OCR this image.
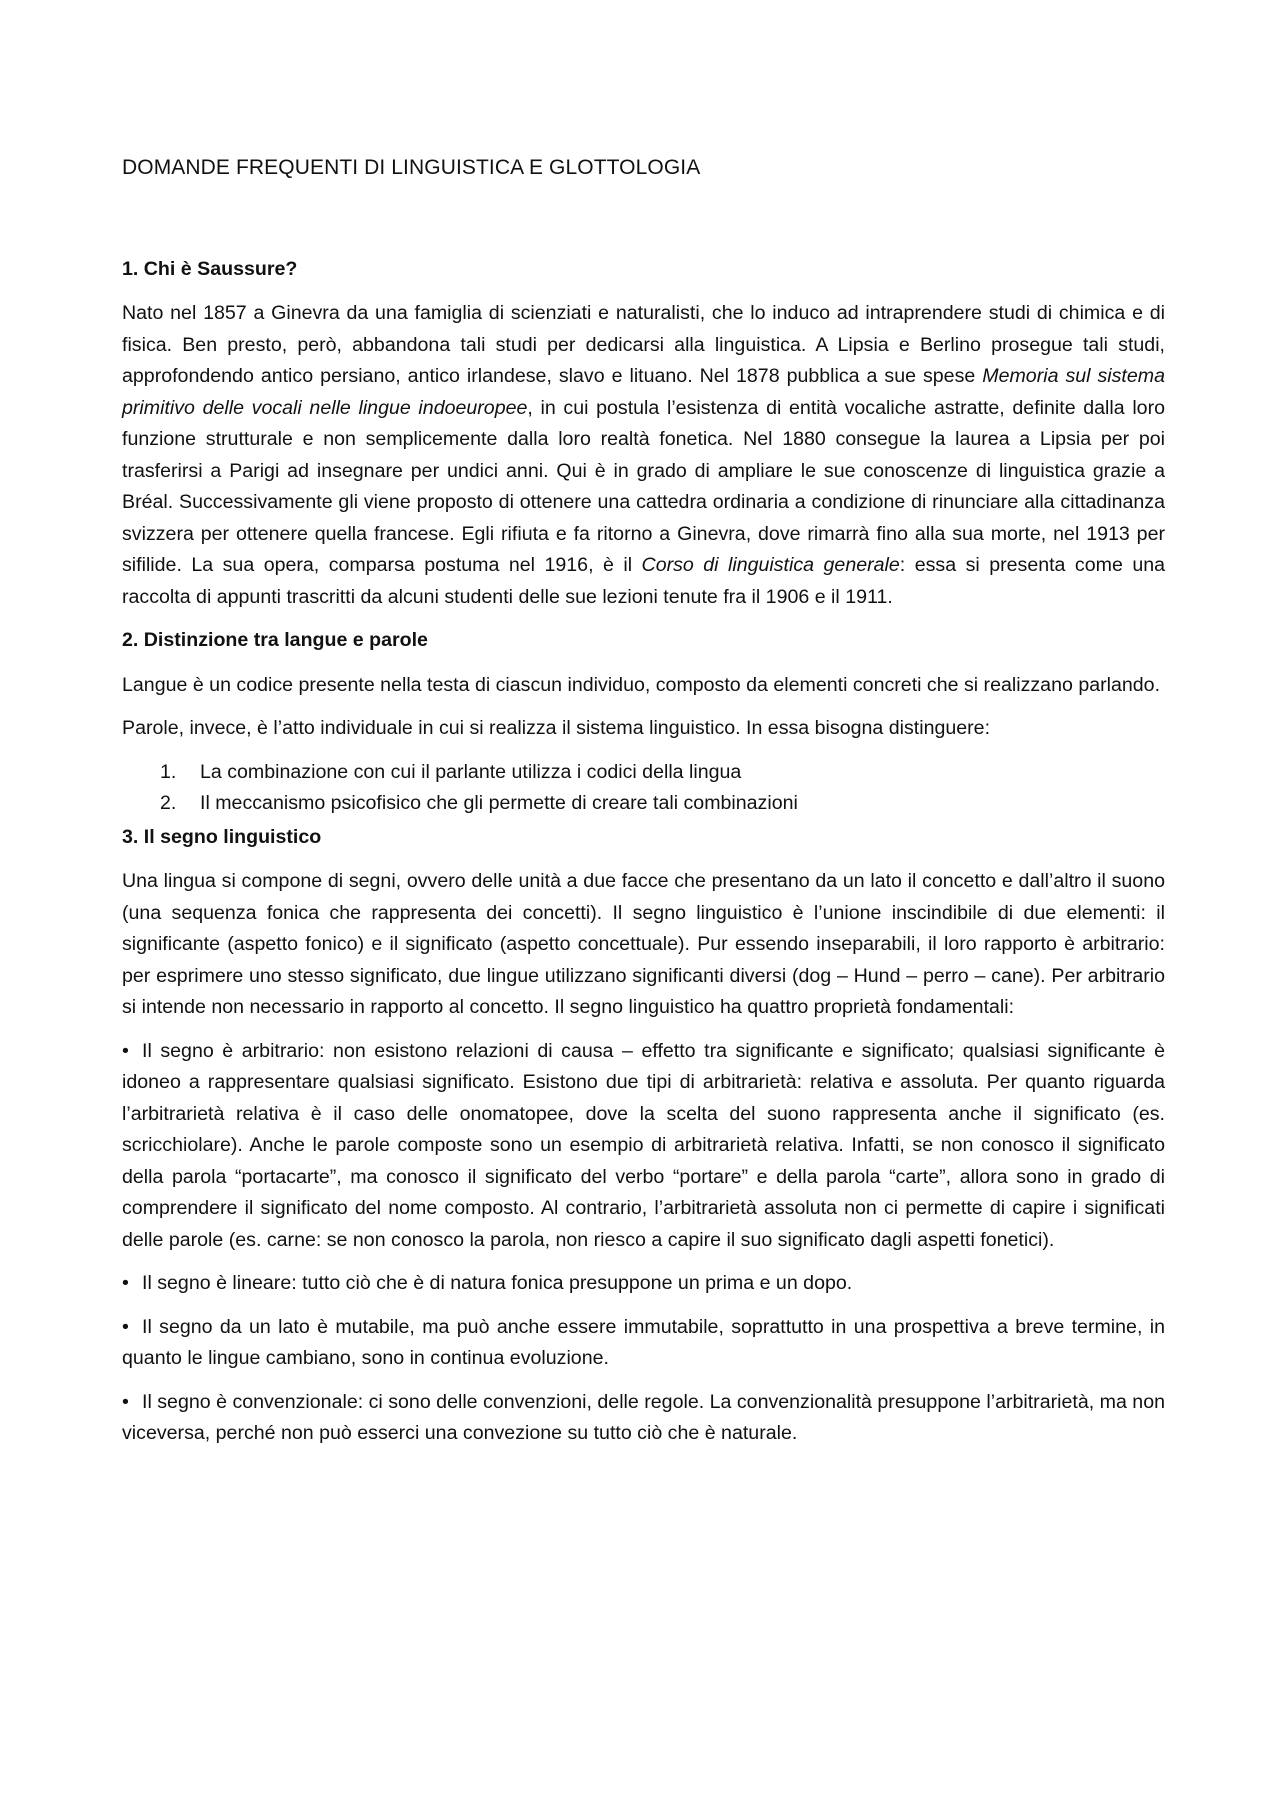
DOMANDE FREQUENTI DI LINGUISTICA E GLOTTOLOGIA
1. Chi è Saussure?

Nato nel 1857 a Ginevra da una famiglia di scienziati e naturalisti, che lo induco ad intraprendere studi di chimica e di fisica. Ben presto, però, abbandona tali studi per dedicarsi alla linguistica. A Lipsia e Berlino prosegue tali studi, approfondendo antico persiano, antico irlandese, slavo e lituano. Nel 1878 pubblica a sue spese Memoria sul sistema primitivo delle vocali nelle lingue indoeuropee, in cui postula l’esistenza di entità vocaliche astratte, definite dalla loro funzione strutturale e non semplicemente dalla loro realtà fonetica. Nel 1880 consegue la laurea a Lipsia per poi trasferirsi a Parigi ad insegnare per undici anni. Qui è in grado di ampliare le sue conoscenze di linguistica grazie a Bréal. Successivamente gli viene proposto di ottenere una cattedra ordinaria a condizione di rinunciare alla cittadinanza svizzera per ottenere quella francese. Egli rifiuta e fa ritorno a Ginevra, dove rimarrà fino alla sua morte, nel 1913 per sifilide. La sua opera, comparsa postuma nel 1916, è il Corso di linguistica generale: essa si presenta come una raccolta di appunti trascritti da alcuni studenti delle sue lezioni tenute fra il 1906 e il 1911.

2. Distinzione tra langue e parole

Langue è un codice presente nella testa di ciascun individuo, composto da elementi concreti che si realizzano parlando.

Parole, invece, è l’atto individuale in cui si realizza il sistema linguistico. In essa bisogna distinguere:

1. La combinazione con cui il parlante utilizza i codici della lingua
2. Il meccanismo psicofisico che gli permette di creare tali combinazioni
3. Il segno linguistico

Una lingua si compone di segni, ovvero delle unità a due facce che presentano da un lato il concetto e dall’altro il suono (una sequenza fonica che rappresenta dei concetti). Il segno linguistico è l’unione inscindibile di due elementi: il significante (aspetto fonico) e il significato (aspetto concettuale). Pur essendo inseparabili, il loro rapporto è arbitrario: per esprimere uno stesso significato, due lingue utilizzano significanti diversi (dog – Hund – perro – cane). Per arbitrario si intende non necessario in rapporto al concetto. Il segno linguistico ha quattro proprietà fondamentali:

• Il segno è arbitrario: non esistono relazioni di causa – effetto tra significante e significato; qualsiasi significante è idoneo a rappresentare qualsiasi significato. Esistono due tipi di arbitrarietà: relativa e assoluta. Per quanto riguarda l’arbitrarietà relativa è il caso delle onomatopee, dove la scelta del suono rappresenta anche il significato (es. scricchiolare). Anche le parole composte sono un esempio di arbitrarietà relativa. Infatti, se non conosco il significato della parola “portacarte”, ma conosco il significato del verbo “portare” e della parola “carte”, allora sono in grado di comprendere il significato del nome composto. Al contrario, l’arbitrarietà assoluta non ci permette di capire i significati delle parole (es. carne: se non conosco la parola, non riesco a capire il suo significato dagli aspetti fonetici).

• Il segno è lineare: tutto ciò che è di natura fonica presuppone un prima e un dopo.

• Il segno da un lato è mutabile, ma può anche essere immutabile, soprattutto in una prospettiva a breve termine, in quanto le lingue cambiano, sono in continua evoluzione.

• Il segno è convenzionale: ci sono delle convenzioni, delle regole. La convenzionalità presuppone l’arbitrarietà, ma non viceversa, perché non può esserci una convezione su tutto ciò che è naturale.
